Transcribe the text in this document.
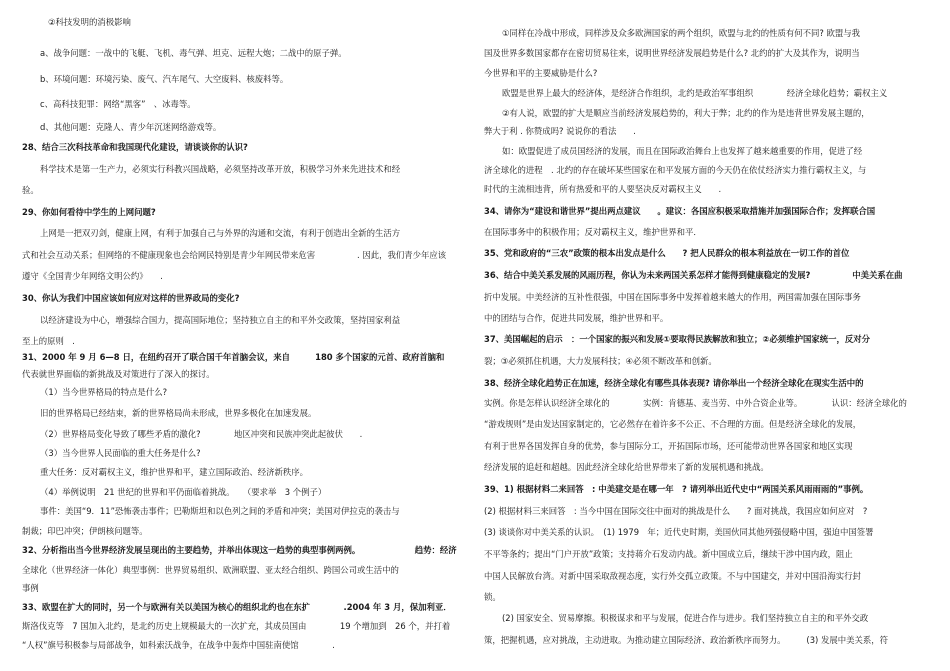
②科技发明的消极影响
a、战争问题：一战中的飞艇、飞机、毒气弹、坦克、远程大炮；二战中的原子弹。
b、环境问题：环境污染、废气、汽车尾气、大空废料、核废料等。
c、高科技犯罪：网络“黑客”　、冰毒等。
d、其他问题：克隆人、青少年沉迷网络游戏等。
28、结合三次科技革命和我国现代化建设，请谈谈你的认识?
科学技术是第一生产力，必须实行科教兴国战略，必须坚持改革开放，积极学习外来先进技术和经
验。
29、你如何看待中学生的上网问题?
上网是一把双刃剑，健康上网，有利于加强自己与外界的沟通和交流，有利于创造出全新的生活方
式和社会互动关系；但网络的不健康现象也会给网民特别是青少年网民带来危害　　　　　. 因此，我们青少年应该
遵守《全国青少年网络文明公约》　　.
30、你认为我们中国应该如何应对这样的世界政局的变化?
以经济建设为中心，增强综合国力，提高国际地位；坚持独立自主的和平外交政策，坚持国家利益
至上的原则　.
31、2000 年 9 月 6—8 日，在纽约召开了联合国千年首脑会议，来自　　　180 多个国家的元首、政府首脑和
代表就世界面临的新挑战及对策进行了深入的探讨。
（1）当今世界格局的特点是什么?
旧的世界格局已经结束，新的世界格局尚未形成，世界多极化在加速发展。
（2）世界格局变化导致了哪些矛盾的激化?　　　　地区冲突和民族冲突此起彼伏　　.
（3）当今世界人民面临的重大任务是什么?
重大任务：反对霸权主义，维护世界和平，建立国际政治、经济新秩序。
（4）举例说明　21 世纪的世界和平仍面临着挑战。　　（要求举　3 个例子）
事件：美国“9．11”恐怖袭击事件；巴勒斯坦和以色列之间的矛盾和冲突；美国对伊拉克的袭击与
制裁；印巴冲突；伊朗核问题等。
32、分析指出当今世界经济发展呈现出的主要趋势，并举出体现这一趋势的典型事例两例。　　　　　　　趋势：经济
全球化（世界经济一体化）典型事例：世界贸易组织、欧洲联盟、亚太经合组织、跨国公司或生活中的
事例
33、欧盟在扩大的同时，另一个与欧洲有关以美国为核心的组织北约也在东扩　　　　.2004 年 3 月，保加利亚．
斯洛伐克等　7 国加入北约，是北约历史上规模最大的一次扩充，其成员国由　　　　19 个增加到　26 个，并打着
“人权”旗号积极参与局部战争，如科索沃战争，在战争中轰炸中国驻南使馆　　　　.
①同样在冷战中形成，同样涉及众多欧洲国家的两个组织，欧盟与北约的性质有何不同? 欧盟与我
国及世界多数国家都存在密切贸易往来，说明世界经济发展趋势是什么? 北约的扩大及其作为，说明当
今世界和平的主要威胁是什么?
欧盟是世界上最大的经济体，是经济合作组织，北约是政治军事组织　　　　经济全球化趋势；霸权主义
②有人说，欧盟的扩大是顺应当前经济发展趋势的，利大于弊；北约的作为是违背世界发展主题的，
弊大于利 . 你赞成吗? 说说你的看法　　.
如：欧盟促进了成员国经济的发展，而且在国际政治舞台上也发挥了越来越重要的作用，促进了经
济全球化的进程　. 北约的存在破坏某些国家在和平发展方面的今天仍在依仗经济实力推行霸权主义，与
时代的主流相违背，所有热爱和平的人要坚决反对霸权主义　　.
34、请你为“建设和谐世界”提出两点建议　　。建议：各国应积极采取措施并加强国际合作；发挥联合国
在国际事务中的积极作用；反对霸权主义，维护世界和平．
35、党和政府的“三农”政策的根本出发点是什么　　? 把人民群众的根本利益放在一切工作的首位
36、结合中美关系发展的风雨历程，你认为未来两国关系怎样才能得到健康稳定的发展?　　　　　中美关系在曲
折中发展。中美经济的互补性很强，中国在国际事务中发挥着越来越大的作用，两国需加强在国际事务
中的团结与合作，促进共同发展，维护世界和平。
37、美国崛起的启示　：一个国家的振兴和发展①要取得民族解放和独立；②必须维护国家统一，反对分
裂；③必须抓住机遇，大力发展科技；④必须不断改革和创新。
38、经济全球化趋势正在加速，经济全球化有哪些具体表现? 请你举出一个经济全球化在现实生活中的
实例。你是怎样认识经济全球化的　　　　实例：肯德基、麦当劳、中外合资企业等。　　　　认识：经济全球化的
“游戏规则”是由发达国家制定的，它必然存在着许多不公正、不合理的方面。但是经济全球化的发展，
有利于世界各国发挥自身的优势，参与国际分工，开拓国际市场，还可能带动世界各国家和地区实现
经济发展的追赶和超越。因此经济全球化给世界带来了新的发展机遇和挑战。
39、1) 根据材料二来回答　: 中美建交是在哪一年　? 请列举出近代史中“两国关系风雨雨雨的”事例。
(2) 根据材料三来回答　: 当今中国在国际交往中面对的挑战是什么　　? 面对挑战，我国应如何应对　?
(3) 谈谈你对中美关系的认识。　(1) 1979　年；近代史时期，美国伙同其他列强侵略中国，强迫中国签署
不平等条约；提出“门户开放”政策；支持蒋介石发动内战。新中国成立后，继续干涉中国内政，阻止
中国人民解放台湾。对新中国采取敌视态度，实行外交孤立政策。不与中国建交，并对中国沿海实行封
锁。
(2) 国家安全、贸易摩擦。积极谋求和平与发展，促进合作与进步。我们坚持独立自主的和平外交政
策，把握机遇，应对挑战，主动进取。为推动建立国际经济、政治新秩序而努力。　　　(3) 发展中美关系，符
